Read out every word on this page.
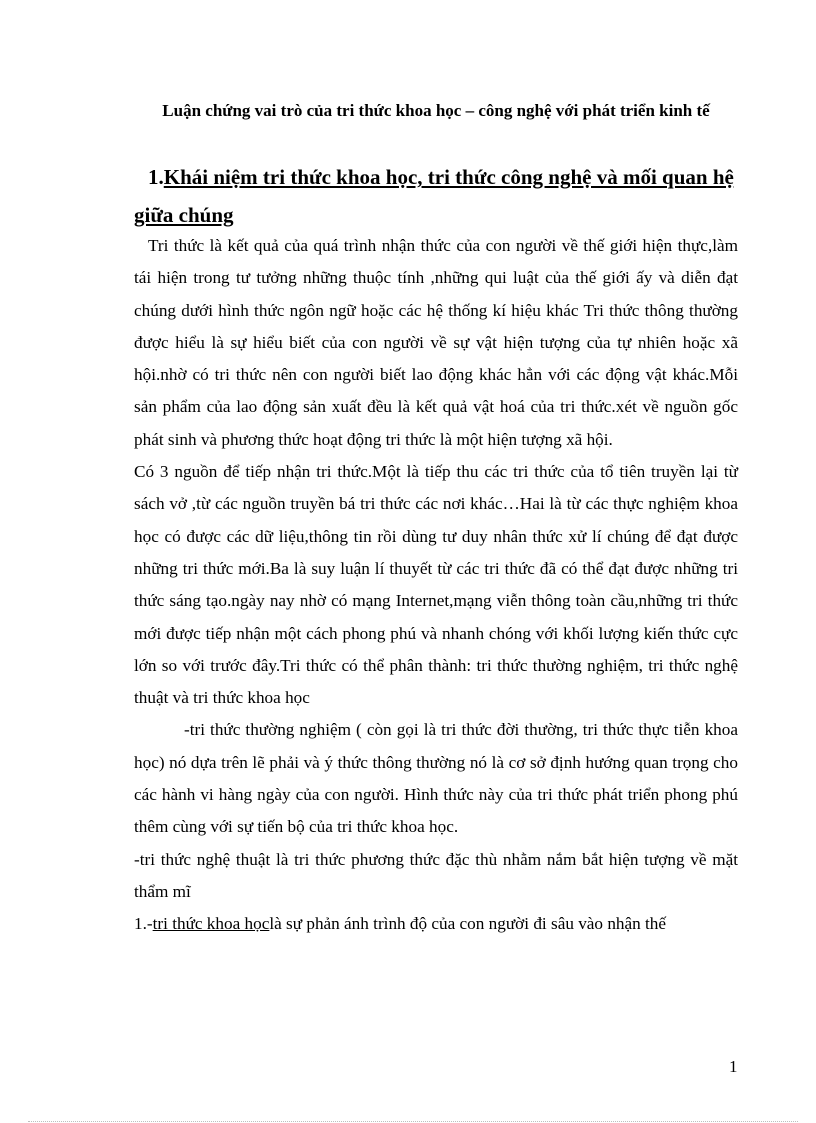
Luận chứng vai trò của tri thức khoa học – công nghệ với phát triển kinh tế
1.Khái niệm tri thức khoa học, tri thức công nghệ và mối quan hệ giữa chúng

Tri thức là kết quả của quá trình nhận thức của con người về thế giới hiện thực,làm tái hiện trong tư tưởng những thuộc tính ,những qui luật của thế giới ấy và diễn đạt chúng dưới hình thức ngôn ngữ hoặc các hệ thống kí hiệu khác Tri thức thông thường được hiểu là sự hiểu biết của con người về sự vật hiện tượng của tự nhiên hoặc xã hội.nhờ có tri thức nên con người biết lao động khác hẳn với các động vật khác.Mỗi sản phẩm của lao động sản xuất đều là kết quả vật hoá của tri thức.xét về nguồn gốc phát sinh và phương thức hoạt động tri thức là một hiện tượng xã hội.

Có 3 nguồn để tiếp nhận tri thức.Một là tiếp thu các tri thức của tổ tiên truyền lại từ sách vở ,từ các nguồn truyền bá tri thức các nơi khác…Hai là từ các thực nghiệm khoa học có được các dữ liệu,thông tin rồi dùng tư duy nhân thức xử lí chúng để đạt được những tri thức mới.Ba là suy luận lí thuyết từ các tri thức đã có thể đạt được những tri thức sáng tạo.ngày nay nhờ có mạng Internet,mạng viễn thông toàn cầu,những tri thức mới được tiếp nhận một cách phong phú và nhanh chóng với khối lượng kiến thức cực lớn so với trước đây.Tri thức có thể phân thành: tri thức thường nghiệm, tri thức nghệ thuật và tri thức khoa học

-tri thức thường nghiệm ( còn gọi là tri thức đời thường, tri thức thực tiễn khoa học) nó dựa trên lẽ phải và ý thức thông thường nó là cơ sở định hướng quan trọng cho các hành vi hàng ngày của con người. Hình thức này của tri thức phát triển phong phú thêm cùng với sự tiến bộ của tri thức khoa học.

-tri thức nghệ thuật là tri thức phương thức đặc thù nhằm nắm bắt hiện tượng về mặt thẩm mĩ

1.-tri thức khoa họclà sự phản ánh trình độ của con người đi sâu vào nhận thế

1
